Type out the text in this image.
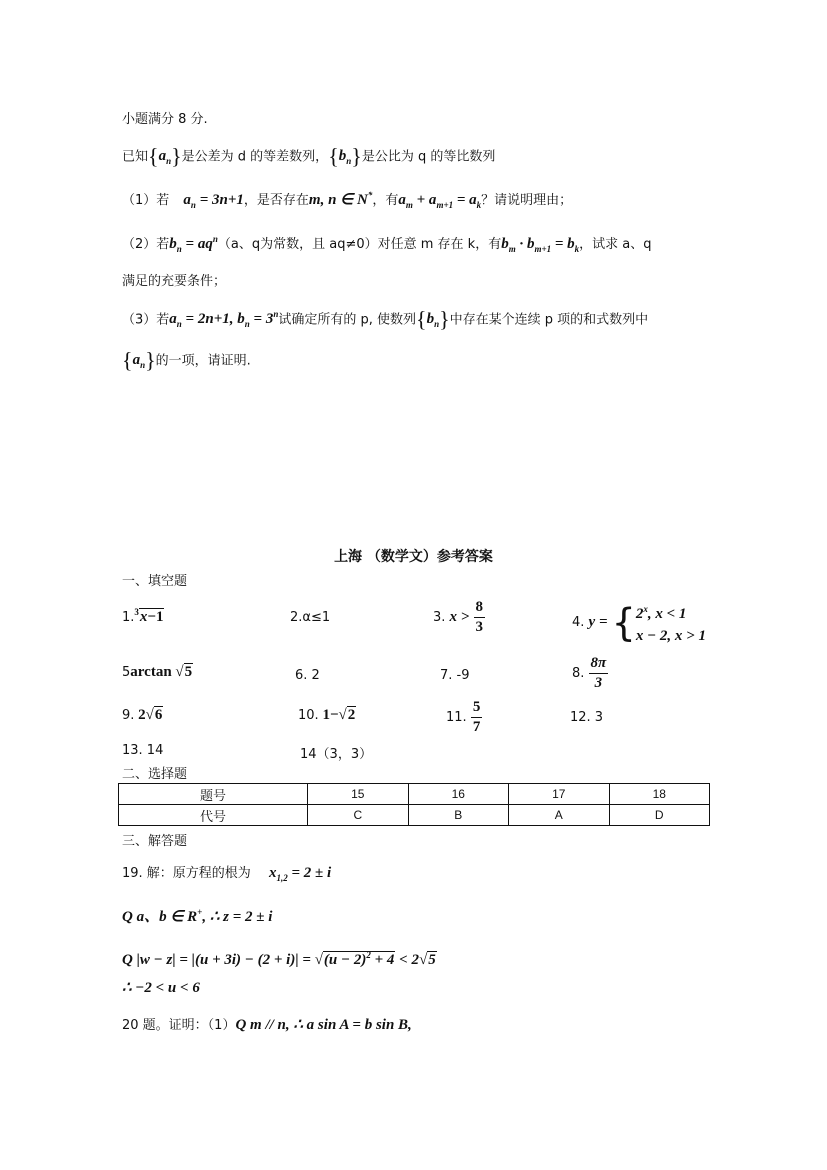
小题满分 8 分.
已知$\{a_n\}$是公差为 d 的等差数列，$\{b_n\}$是公比为 q 的等比数列
（1）若 $a_n = 3n+1$，是否存在m, n ∈ N*，有$a_m + a_{m+1} = a_k$？请说明理由；
（2）若$b_n = aq^n(a$、q为常数，且 aq≠0）对任意 m 存在 k，有$b_m \cdot b_{m+1} = b_k$，试求 a、q
满足的充要条件；
（3）若$a_n = 2n+1$, $b_n = 3^n$试确定所有的 p, 使数列$\{b_n\}$中存在某个连续 p 项的和式数列中
$\{a_n\}$的一项，请证明.
上海 （数学文）参考答案
一、填空题
1.$^3$x−1	2.α≤1	3. $x > \frac{8}{3}$	4. $y = \{2^x$, x < 1
x − 2, x > 1
5arctan √5	6. 2	7. -9	8. $\frac{8\pi}{3}$
9. 2√6	10. 1−√2	11. $\frac{5}{7}$	12. 3
13. 14	14（3，3）
二、选择题
题号	15	16	17	18
代号	C	B	A	D
三、解答题
19. 解：原方程的根为 $x_{1,2} = 2 \pm i$
Q a、b ∈ R+, ∴ z = 2 ± i
Q $|w - z| = |(u + 3i) - (2 + i)| = √(u - 2)^2 + 4 < 2√5$
∴ −2 < u < 6
20 题。证明：（1）Q m // n, ∴ a sin A = b sin B,
